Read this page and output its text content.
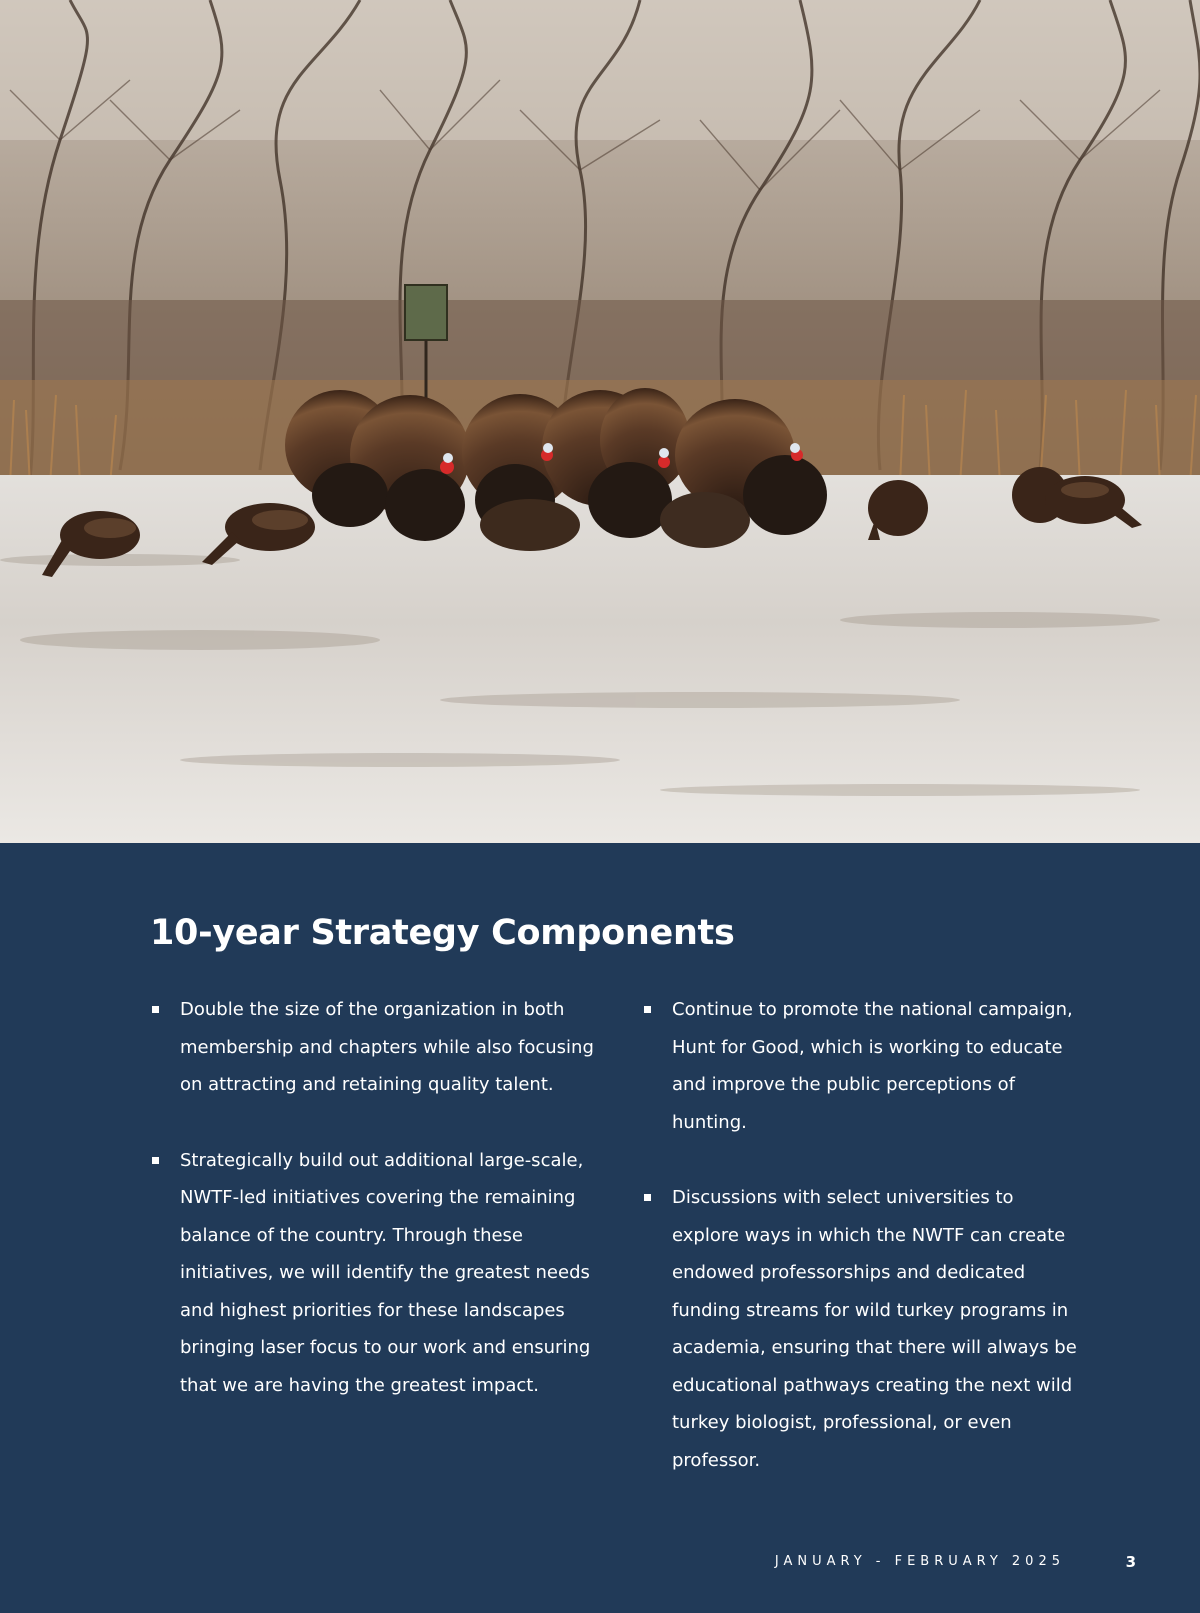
10-year Strategy Components
Double the size of the organization in both membership and chapters while also focusing on attracting and retaining quality talent.
Strategically build out additional large-scale, NWTF-led initiatives covering the remaining balance of the country. Through these initiatives, we will identify the greatest needs and highest priorities for these landscapes bringing laser focus to our work and ensuring that we are having the greatest impact.
Continue to promote the national campaign, Hunt for Good, which is working to educate and improve the public perceptions of hunting.
Discussions with select universities to explore ways in which the NWTF can create endowed professorships and dedicated funding streams for wild turkey programs in academia, ensuring that there will always be educational pathways creating the next wild turkey biologist, professional, or even professor.
JANUARY - FEBRUARY 2025	3
